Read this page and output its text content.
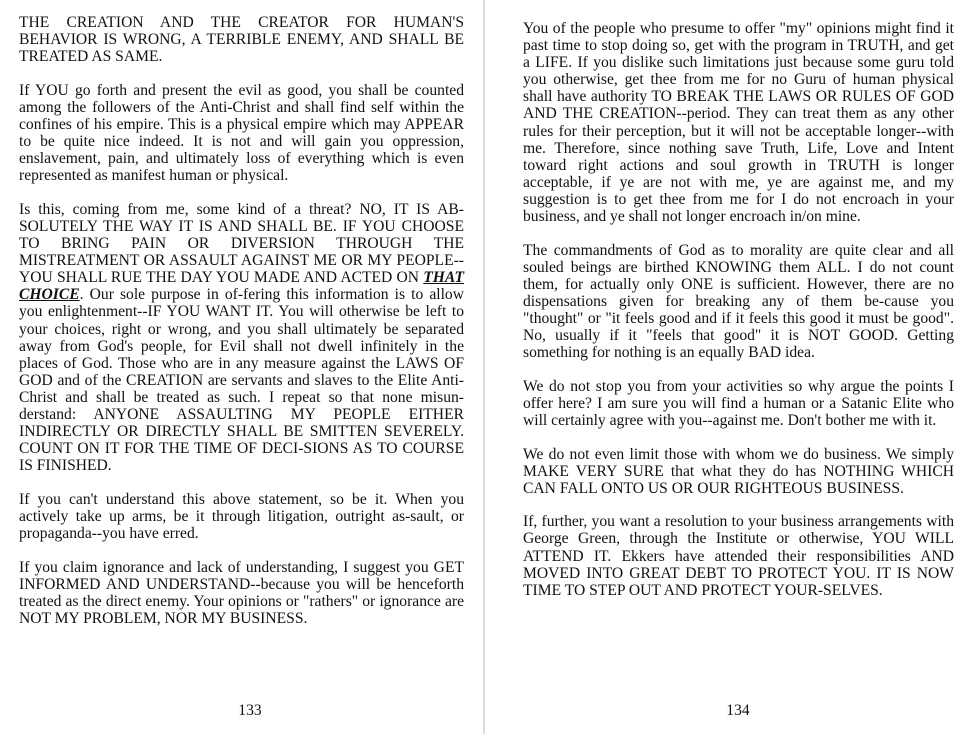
THE CREATION AND THE CREATOR FOR HUMAN'S BEHAVIOR IS WRONG, A TERRIBLE ENEMY, AND SHALL BE TREATED AS SAME.

If YOU go forth and present the evil as good, you shall be counted among the followers of the Anti-Christ and shall find self within the confines of his empire. This is a physical empire which may APPEAR to be quite nice indeed. It is not and will gain you oppression, enslavement, pain, and ultimately loss of everything which is even represented as manifest human or physical.

Is this, coming from me, some kind of a threat? NO, IT IS AB-SOLUTELY THE WAY IT IS AND SHALL BE. IF YOU CHOOSE TO BRING PAIN OR DIVERSION THROUGH THE MISTREATMENT OR ASSAULT AGAINST ME OR MY PEOPLE--YOU SHALL RUE THE DAY YOU MADE AND ACTED ON THAT CHOICE. Our sole purpose in of-fering this information is to allow you enlightenment--IF YOU WANT IT. You will otherwise be left to your choices, right or wrong, and you shall ultimately be separated away from God's people, for Evil shall not dwell infinitely in the places of God. Those who are in any measure against the LAWS OF GOD and of the CREATION are servants and slaves to the Elite Anti-Christ and shall be treated as such. I repeat so that none misun-derstand: ANYONE ASSAULTING MY PEOPLE EITHER INDIRECTLY OR DIRECTLY SHALL BE SMITTEN SEVERELY. COUNT ON IT FOR THE TIME OF DECI-SIONS AS TO COURSE IS FINISHED.

If you can't understand this above statement, so be it. When you actively take up arms, be it through litigation, outright as-sault, or propaganda--you have erred.

If you claim ignorance and lack of understanding, I suggest you GET INFORMED AND UNDERSTAND--because you will be henceforth treated as the direct enemy. Your opinions or "rathers" or ignorance are NOT MY PROBLEM, NOR MY BUSINESS.

133

You of the people who presume to offer "my" opinions might find it past time to stop doing so, get with the program in TRUTH, and get a LIFE. If you dislike such limitations just because some guru told you otherwise, get thee from me for no Guru of human physical shall have authority TO BREAK THE LAWS OR RULES OF GOD AND THE CREATION--period. They can treat them as any other rules for their perception, but it will not be acceptable longer--with me. Therefore, since nothing save Truth, Life, Love and Intent toward right actions and soul growth in TRUTH is longer acceptable, if ye are not with me, ye are against me, and my suggestion is to get thee from me for I do not encroach in your business, and ye shall not longer encroach in/on mine.

The commandments of God as to morality are quite clear and all souled beings are birthed KNOWING them ALL. I do not count them, for actually only ONE is sufficient. However, there are no dispensations given for breaking any of them be-cause you "thought" or "it feels good and if it feels this good it must be good". No, usually if it "feels that good" it is NOT GOOD. Getting something for nothing is an equally BAD idea.

We do not stop you from your activities so why argue the points I offer here? I am sure you will find a human or a Satanic Elite who will certainly agree with you--against me. Don't bother me with it.

We do not even limit those with whom we do business. We simply MAKE VERY SURE that what they do has NOTHING WHICH CAN FALL ONTO US OR OUR RIGHTEOUS BUSINESS.

If, further, you want a resolution to your business arrangements with George Green, through the Institute or otherwise, YOU WILL ATTEND IT. Ekkers have attended their responsibilities AND MOVED INTO GREAT DEBT TO PROTECT YOU. IT IS NOW TIME TO STEP OUT AND PROTECT YOUR-SELVES.

134
